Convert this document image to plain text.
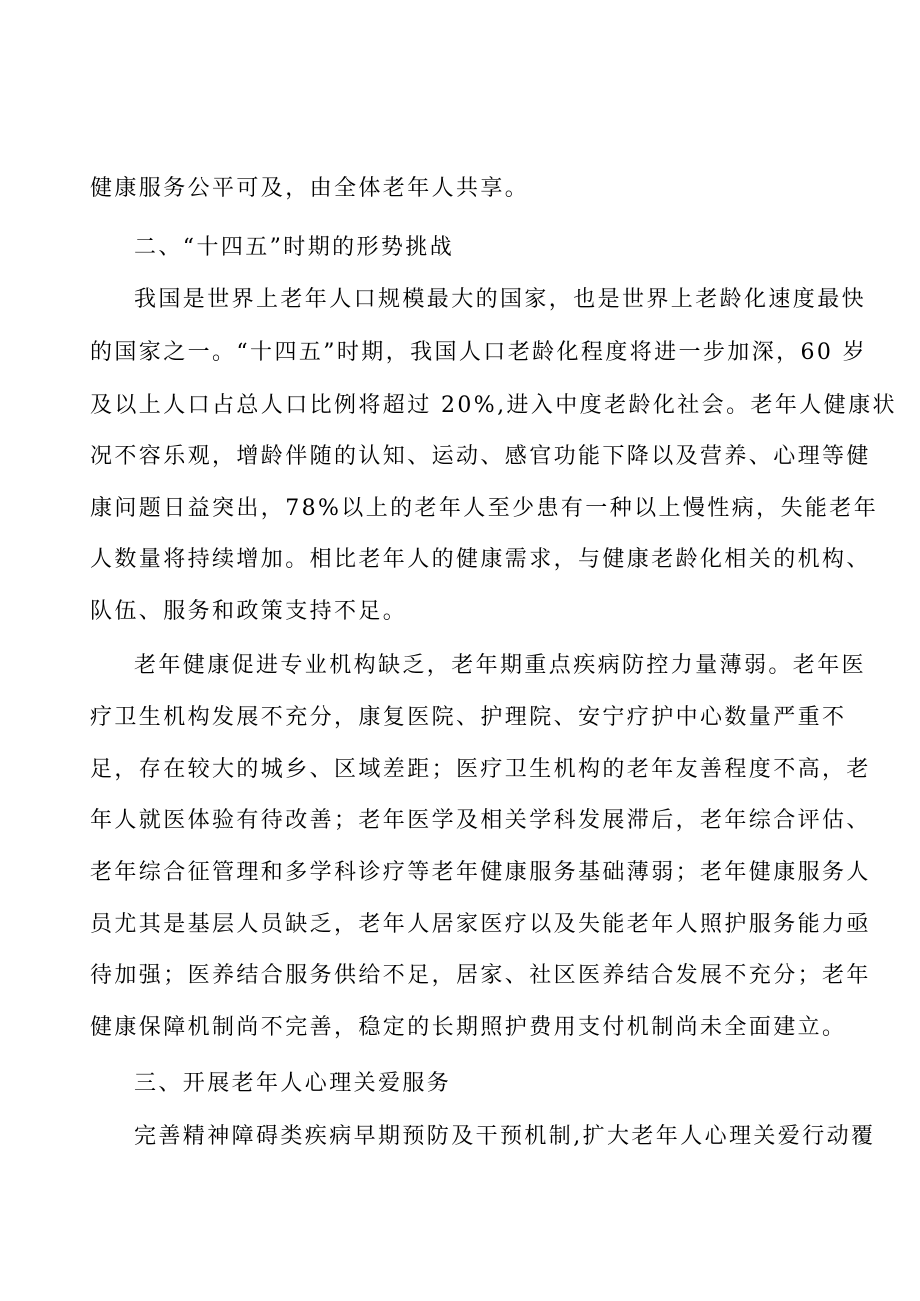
健康服务公平可及，由全体老年人共享。

二、“十四五”时期的形势挑战

我国是世界上老年人口规模最大的国家，也是世界上老龄化速度最快

的国家之一。“十四五”时期，我国人口老龄化程度将进一步加深，60 岁

及以上人口占总人口比例将超过 20%,进入中度老龄化社会。老年人健康状

况不容乐观，增龄伴随的认知、运动、感官功能下降以及营养、心理等健

康问题日益突出，78%以上的老年人至少患有一种以上慢性病，失能老年

人数量将持续增加。相比老年人的健康需求，与健康老龄化相关的机构、

队伍、服务和政策支持不足。

老年健康促进专业机构缺乏，老年期重点疾病防控力量薄弱。老年医

疗卫生机构发展不充分，康复医院、护理院、安宁疗护中心数量严重不

足，存在较大的城乡、区域差距；医疗卫生机构的老年友善程度不高，老

年人就医体验有待改善；老年医学及相关学科发展滞后，老年综合评估、

老年综合征管理和多学科诊疗等老年健康服务基础薄弱；老年健康服务人

员尤其是基层人员缺乏，老年人居家医疗以及失能老年人照护服务能力亟

待加强；医养结合服务供给不足，居家、社区医养结合发展不充分；老年

健康保障机制尚不完善，稳定的长期照护费用支付机制尚未全面建立。

三、开展老年人心理关爱服务

完善精神障碍类疾病早期预防及干预机制,扩大老年人心理关爱行动覆
